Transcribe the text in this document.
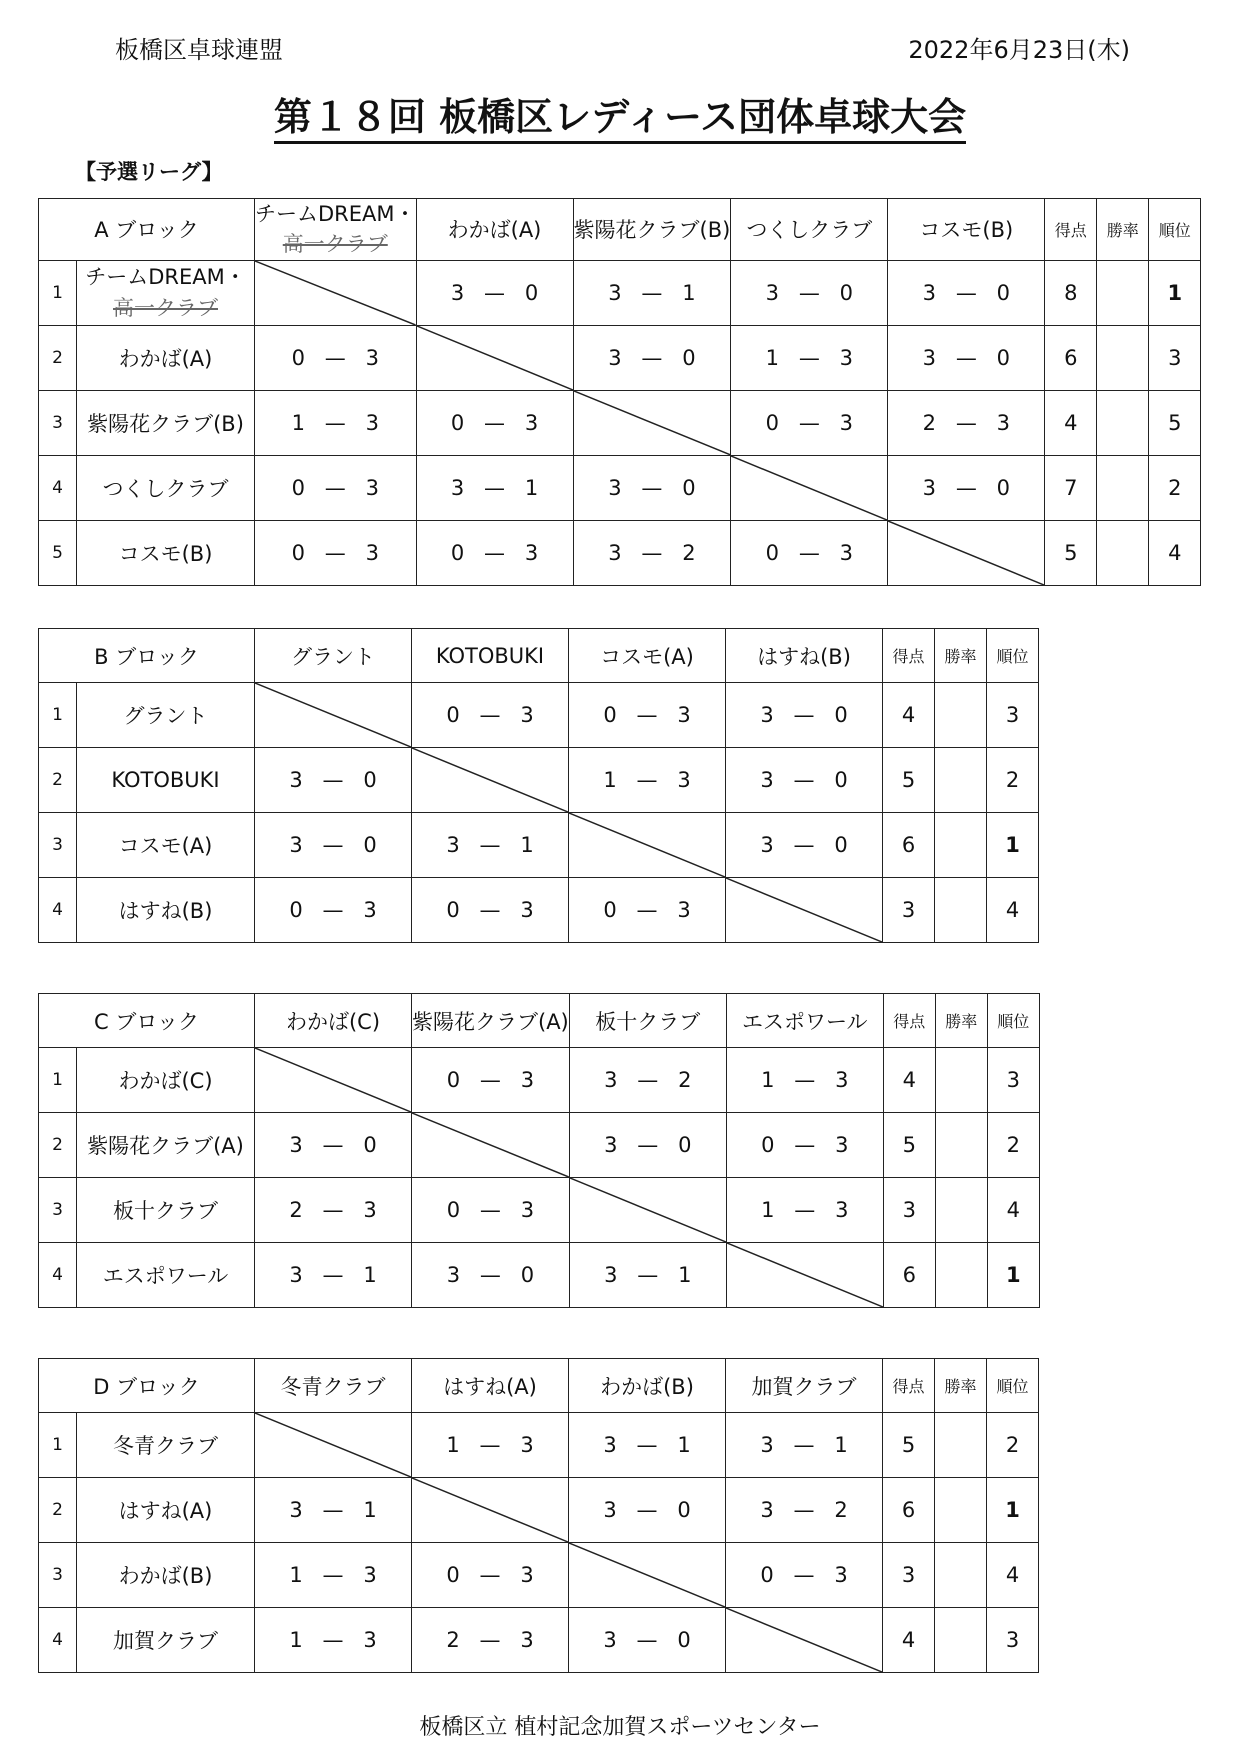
板橋区卓球連盟	2022年6月23日(木)
第１８回 板橋区レディース団体卓球大会
【予選リーグ】
A ブロック		チームDREAM・
高一クラブ	わかば(A)	紫陽花クラブ(B)	つくしクラブ	コスモ(B)	得点	勝率	順位
1	チームDREAM・
高一クラブ		3 — 0	3 — 1	3 — 0	3 — 0	8		1
2	わかば(A)	0 — 3		3 — 0	1 — 3	3 — 0	6		3
3	紫陽花クラブ(B)	1 — 3	0 — 3		0 — 3	2 — 3	4		5
4	つくしクラブ	0 — 3	3 — 1	3 — 0		3 — 0	7		2
5	コスモ(B)	0 — 3	0 — 3	3 — 2	0 — 3		5		4
B ブロック		グラント	KOTOBUKI	コスモ(A)	はすね(B)	得点	勝率	順位
1	グラント		0 — 3	0 — 3	3 — 0	4		3
2	KOTOBUKI	3 — 0		1 — 3	3 — 0	5		2
3	コスモ(A)	3 — 0	3 — 1		3 — 0	6		1
4	はすね(B)	0 — 3	0 — 3	0 — 3		3		4
C ブロック		わかば(C)	紫陽花クラブ(A)	板十クラブ	エスポワール	得点	勝率	順位
1	わかば(C)		0 — 3	3 — 2	1 — 3	4		3
2	紫陽花クラブ(A)	3 — 0		3 — 0	0 — 3	5		2
3	板十クラブ	2 — 3	0 — 3		1 — 3	3		4
4	エスポワール	3 — 1	3 — 0	3 — 1		6		1
D ブロック		冬青クラブ	はすね(A)	わかば(B)	加賀クラブ	得点	勝率	順位
1	冬青クラブ		1 — 3	3 — 1	3 — 1	5		2
2	はすね(A)	3 — 1		3 — 0	3 — 2	6		1
3	わかば(B)	1 — 3	0 — 3		0 — 3	3		4
4	加賀クラブ	1 — 3	2 — 3	3 — 0		4		3
板橋区立 植村記念加賀スポーツセンター
